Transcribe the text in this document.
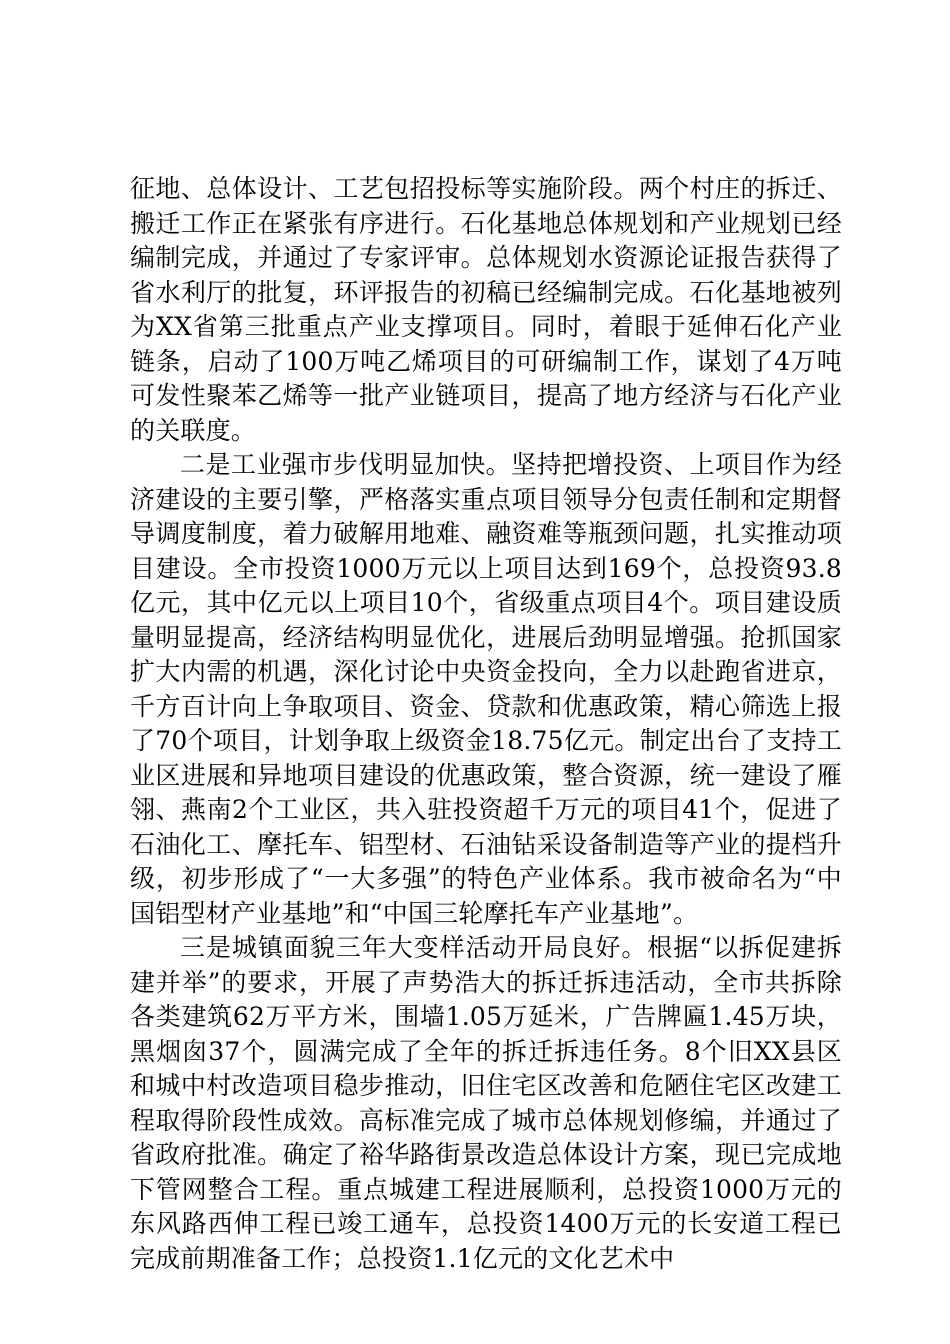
征地、总体设计、工艺包招投标等实施阶段。两个村庄的拆迁、搬迁工作正在紧张有序进行。石化基地总体规划和产业规划已经编制完成，并通过了专家评审。总体规划水资源论证报告获得了省水利厅的批复，环评报告的初稿已经编制完成。石化基地被列为XX省第三批重点产业支撑项目。同时，着眼于延伸石化产业链条，启动了100万吨乙烯项目的可研编制工作，谋划了4万吨可发性聚苯乙烯等一批产业链项目，提高了地方经济与石化产业的关联度。

二是工业强市步伐明显加快。坚持把增投资、上项目作为经济建设的主要引擎，严格落实重点项目领导分包责任制和定期督导调度制度，着力破解用地难、融资难等瓶颈问题，扎实推动项目建设。全市投资1000万元以上项目达到169个，总投资93.8亿元，其中亿元以上项目10个，省级重点项目4个。项目建设质量明显提高，经济结构明显优化，进展后劲明显增强。抢抓国家扩大内需的机遇，深化讨论中央资金投向，全力以赴跑省进京，千方百计向上争取项目、资金、贷款和优惠政策，精心筛选上报了70个项目，计划争取上级资金18.75亿元。制定出台了支持工业区进展和异地项目建设的优惠政策，整合资源，统一建设了雁翎、燕南2个工业区，共入驻投资超千万元的项目41个，促进了石油化工、摩托车、铝型材、石油钻采设备制造等产业的提档升级，初步形成了“一大多强”的特色产业体系。我市被命名为“中国铝型材产业基地”和“中国三轮摩托车产业基地”。

三是城镇面貌三年大变样活动开局良好。根据“以拆促建拆建并举”的要求，开展了声势浩大的拆迁拆违活动，全市共拆除各类建筑62万平方米，围墙1.05万延米，广告牌匾1.45万块，黑烟囱37个，圆满完成了全年的拆迁拆违任务。8个旧XX县区和城中村改造项目稳步推动，旧住宅区改善和危陋住宅区改建工程取得阶段性成效。高标准完成了城市总体规划修编，并通过了省政府批准。确定了裕华路街景改造总体设计方案，现已完成地下管网整合工程。重点城建工程进展顺利，总投资1000万元的东风路西伸工程已竣工通车，总投资1400万元的长安道工程已完成前期准备工作；总投资1.1亿元的文化艺术中
